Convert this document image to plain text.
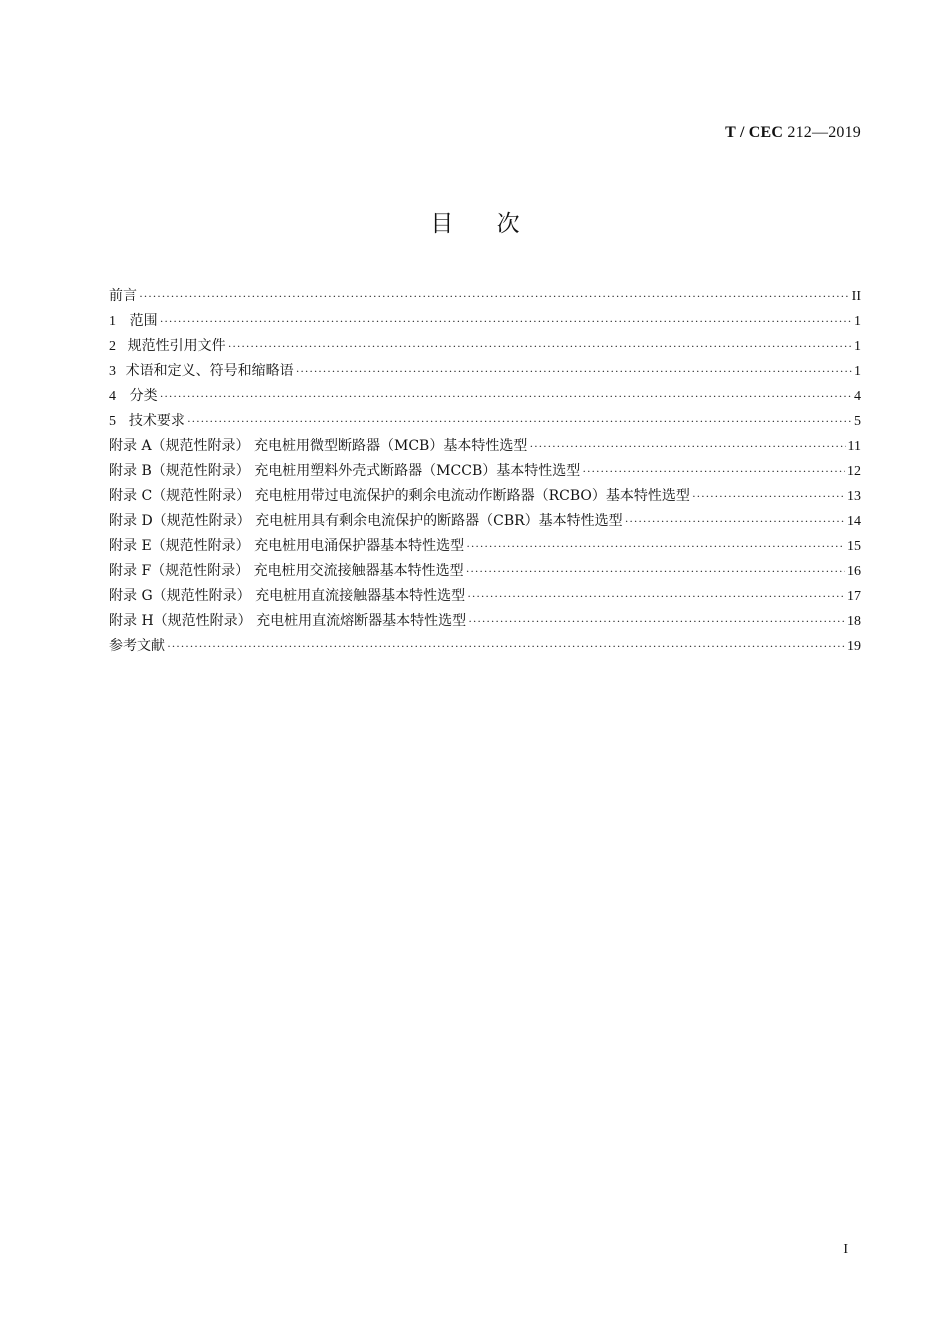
T / CEC 212—2019
目 次
前言 ·····	II
1 范围 ·····	1
2 规范性引用文件 ·····	1
3 术语和定义、符号和缩略语 ·····	1
4 分类 ·····	4
5 技术要求 ·····	5
附录 A（规范性附录） 充电桩用微型断路器（MCB）基本特性选型 ·····	11
附录 B（规范性附录） 充电桩用塑料外壳式断路器（MCCB）基本特性选型 ·····	12
附录 C（规范性附录） 充电桩用带过电流保护的剩余电流动作断路器（RCBO）基本特性选型 ·····	13
附录 D（规范性附录） 充电桩用具有剩余电流保护的断路器（CBR）基本特性选型 ·····	14
附录 E（规范性附录） 充电桩用电涌保护器基本特性选型 ·····	15
附录 F（规范性附录） 充电桩用交流接触器基本特性选型 ·····	16
附录 G（规范性附录） 充电桩用直流接触器基本特性选型 ·····	17
附录 H（规范性附录） 充电桩用直流熔断器基本特性选型 ·····	18
参考文献 ·····	19
I
